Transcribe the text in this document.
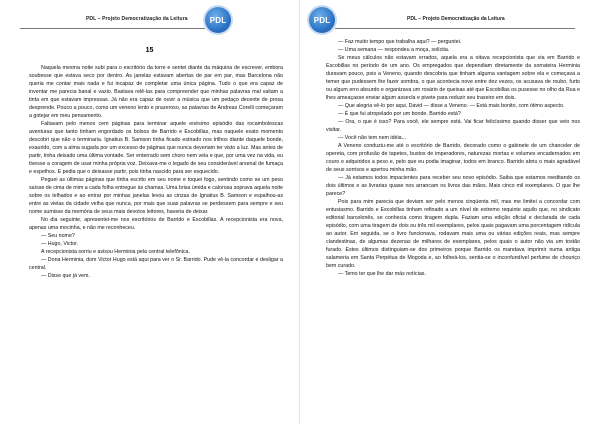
PDL – Projeto Democratização da Leitura	PDL
15

Naquela mesma noite subi para o escritório da torre e sentei diante da máquina de escrever, embora soubesse que estava seco por dentro. As janelas estavam abertas de par em par, mas Barcelona não queria me contar mais nada e fui incapaz de completar uma única página. Tudo o que era capaz de inventar me parecia banal e vazio. Bastava relê-las para compreender que minhas palavras mal valiam a tinta em que estavam impressas. Já não era capaz de ouvir a música que um pedaço decente de prosa desprende. Pouco a pouco, como um veneno lento e prazeroso, as palavras de Andreas Corelli começaram a gotejar em meu pensamento.

Faltavam pelo menos cem páginas para terminar aquele enésimo episódio das rocambolescas aventuras que tanto tinham engordado os bolsos de Barrido e Escobillas, mas naquele exato momento descobri que não o terminaria. Ignatius B. Samson tinha ficado estirado nos trilhos diante daquele bonde, exaurido, com a alma sugada por um excesso de páginas que nunca deveriam ter visto a luz. Mas antes de partir, tinha deixado uma última vontade. Ser enterrado sem choro nem vela e que, por uma vez na vida, eu tivesse a coragem de usar minha própria voz. Deixava-me o legado de seu considerável arsenal de fumaça e espelhos. E pedia que o deixasse partir, pois tinha nascido para ser esquecido.

Peguei as últimas páginas que tinha escrito em seu nome e toquei fogo, sentindo como se um peso saísse de cima de mim a cada folha entregue às chamas. Uma brisa úmida e calorosa soprava aquela noite sobre os telhados e ao entrar por minhas janelas levou as cinzas de Ignatius B. Samson e espalhou-as entre as vielas da cidade velha que nunca, por mais que suas palavras se perdessem para sempre e seu nome sumisse da memória de seus mais devotos leitores, haveria de deixar.

No dia seguinte, apresentei-me nos escritórios de Barrido e Escobillas. A recepcionista era nova, apenas uma mocinha, e não me reconheceu.

— Seu nome?

— Hugo, Victor.

A recepcionista sorriu e avisou Herminia pela central telefônica.

— Dona Herminia, dom Victor Hugo está aqui para ver o Sr. Barrido. Pude vê-la concordar e desligar a central.

— Disse que já vem.

PDL	PDL – Projeto Democratização da Leitura

— Faz muito tempo que trabalha aqui? — perguntei.

— Uma semana — respondeu a moça, solícita.

Se meus cálculos não estavam errados, aquela era a oitava recepcionista que via em Barrido e Escobillas no período de um ano. Os empregados que dependiam diretamente da sorrateira Herminia duravam pouco, pois a Veneno, quando descobria que tinham alguma vantagem sobre ela e começava a temer que pudessem lhe fazer sombra, o que acontecia nove entre dez vezes, os acusava de roubo, furto ou algum erro absurdo e organizava um rosário de queixas até que Escobillas os pusesse no olho da Rua e lhes ameaçasse enviar algum assecla e pivete para reduzir seu traseiro em dois.

— Que alegria vê-lo por aqui, David — disse a Veneno. — Está mais bonito, com ótimo aspecto.

— É que fui atropelado por um bonde. Barrido está?

— Ora, o que é isso? Para você, ele sempre está. Vai ficar felicíssimo quando disser que veio nos visitar.

— Você não tem nem idéia...

A Veneno conduziu-me até o escritório de Barrido, decorado como o gabinete de um chanceler de opereta, com profusão de tapetes, bustos de imperadores, naturezas mortas e volumes encadernados em couro e adquiridos a peso e, pelo que eu podia imaginar, todos em branco. Barrido abriu o mais agradável de seus sorrisos e apertou minha mão.

— Já estamos todos impacientes para receber seu novo episódio. Saiba que estamos reeditando os dois últimos e as livrarias quase nos arrancam os livros das mãos. Mais cinco mil exemplares. O que lhe parece?

Pois para mim parecia que deviam ser pelo menos cinqüenta mil, mas me limitei a concordar com entusiasmo. Barrido e Escobillas tinham refinado a um nível de extremo requinte aquilo que, no sindicato editorial barcelonês, se conhecia como tiragem dupla. Faziam uma edição oficial e declarada de cada episódio, com uma tiragem de dois ou três mil exemplares, pelos quais pagavam uma porcentagem ridícula ao autor. Em seguida, se o livro funcionava, rodavam mais uma ou várias edições reais, mas sempre clandestinas, de algumas dezenas de milhares de exemplares, pelos quais o autor não via um tostão furado. Estes últimos distinguiam-se dos primeiros porque Barrido os mandava imprimir numa antiga salameria em Santa Perpétua de Mogoda e, ao folheá-los, sentia-se o inconfundível perfume de chouriço bem curado.

— Temo ter que lhe dar más notícias.
